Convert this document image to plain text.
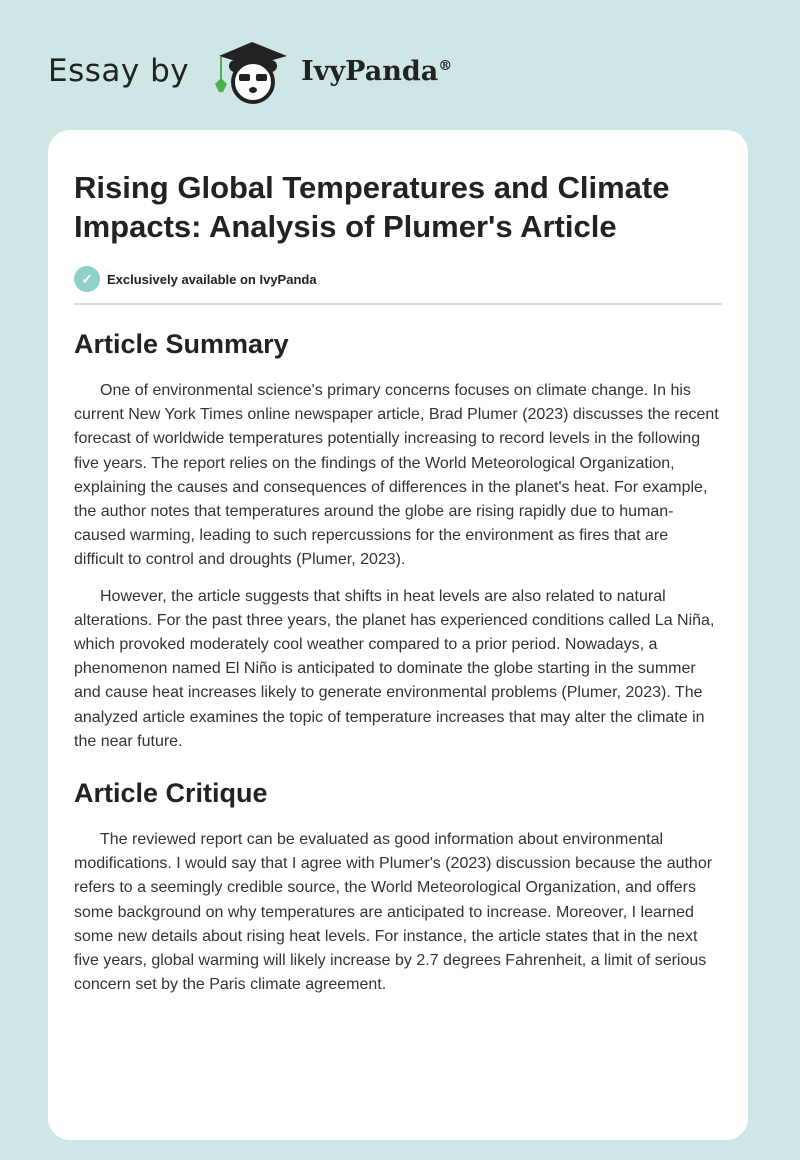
Essay by	IvyPanda®
Rising Global Temperatures and Climate Impacts: Analysis of Plumer's Article
✓	Exclusively available on IvyPanda
Article Summary

One of environmental science's primary concerns focuses on climate change. In his current New York Times online newspaper article, Brad Plumer (2023) discusses the recent forecast of worldwide temperatures potentially increasing to record levels in the following five years. The report relies on the findings of the World Meteorological Organization, explaining the causes and consequences of differences in the planet's heat. For example, the author notes that temperatures around the globe are rising rapidly due to human-caused warming, leading to such repercussions for the environment as fires that are difficult to control and droughts (Plumer, 2023).

However, the article suggests that shifts in heat levels are also related to natural alterations. For the past three years, the planet has experienced conditions called La Niña, which provoked moderately cool weather compared to a prior period. Nowadays, a phenomenon named El Niño is anticipated to dominate the globe starting in the summer and cause heat increases likely to generate environmental problems (Plumer, 2023). The analyzed article examines the topic of temperature increases that may alter the climate in the near future.

Article Critique

The reviewed report can be evaluated as good information about environmental modifications. I would say that I agree with Plumer's (2023) discussion because the author refers to a seemingly credible source, the World Meteorological Organization, and offers some background on why temperatures are anticipated to increase. Moreover, I learned some new details about rising heat levels. For instance, the article states that in the next five years, global warming will likely increase by 2.7 degrees Fahrenheit, a limit of serious concern set by the Paris climate agreement.
